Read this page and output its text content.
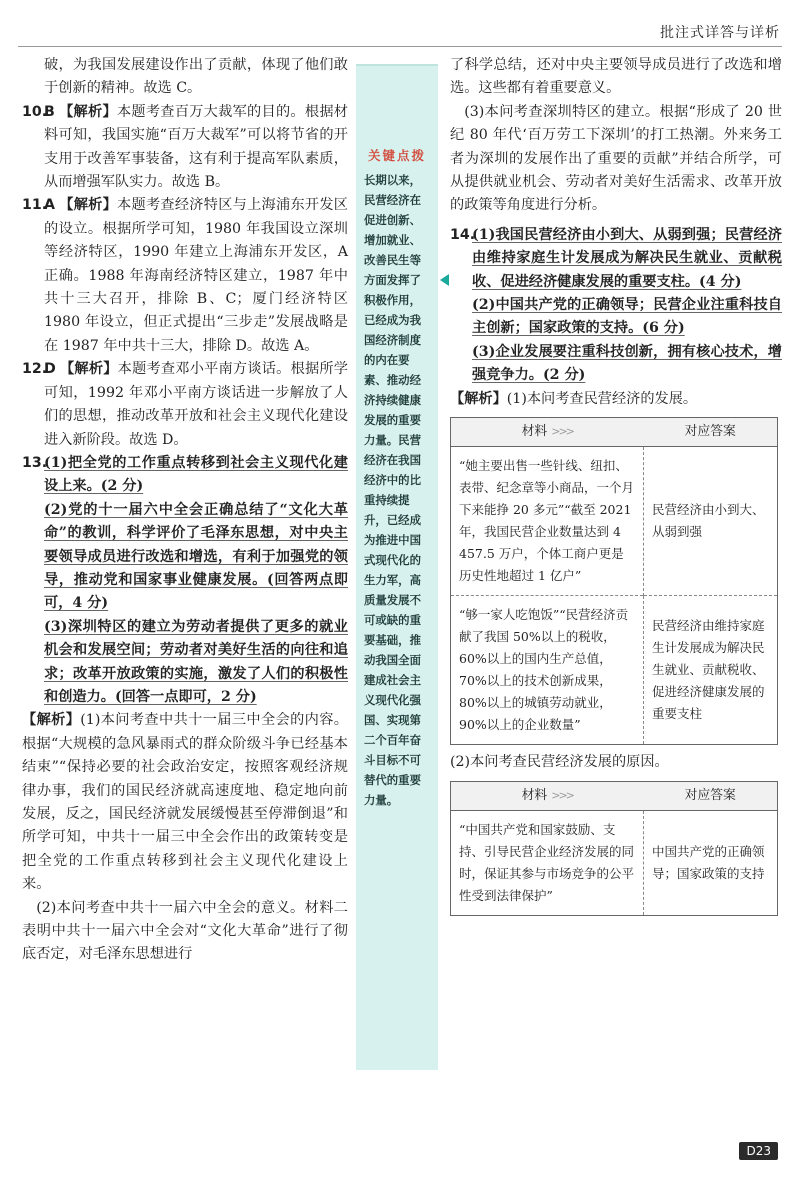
批注式详答与详析

破，为我国发展建设作出了贡献，体现了他们敢于创新的精神。故选 C。

10.B 【解析】本题考查百万大裁军的目的。根据材料可知，我国实施“百万大裁军”可以将节省的开支用于改善军事装备，这有利于提高军队素质，从而增强军队实力。故选 B。

11.A 【解析】本题考查经济特区与上海浦东开发区的设立。根据所学可知，1980 年我国设立深圳等经济特区，1990 年建立上海浦东开发区，A 正确。1988 年海南经济特区建立，1987 年中共十三大召开，排除 B、C；厦门经济特区 1980 年设立，但正式提出“三步走”发展战略是在 1987 年中共十三大，排除 D。故选 A。

12.D 【解析】本题考查邓小平南方谈话。根据所学可知，1992 年邓小平南方谈话进一步解放了人们的思想，推动改革开放和社会主义现代化建设进入新阶段。故选 D。

13.(1)把全党的工作重点转移到社会主义现代化建设上来。(2 分)

(2)党的十一届六中全会正确总结了“文化大革命”的教训，科学评价了毛泽东思想，对中央主要领导成员进行改选和增选，有利于加强党的领导，推动党和国家事业健康发展。(回答两点即可，4 分)

(3)深圳特区的建立为劳动者提供了更多的就业机会和发展空间；劳动者对美好生活的向往和追求；改革开放政策的实施，激发了人们的积极性和创造力。(回答一点即可，2 分)

【解析】(1)本问考查中共十一届三中全会的内容。根据“大规模的急风暴雨式的群众阶级斗争已经基本结束”“保持必要的社会政治安定，按照客观经济规律办事，我们的国民经济就高速度地、稳定地向前发展，反之，国民经济就发展缓慢甚至停滞倒退”和所学可知，中共十一届三中全会作出的政策转变是把全党的工作重点转移到社会主义现代化建设上来。

(2)本问考查中共十一届六中全会的意义。材料二表明中共十一届六中全会对“文化大革命”进行了彻底否定，对毛泽东思想进行

关键点拨
长期以来，民营经济在促进创新、增加就业、改善民生等方面发挥了积极作用，已经成为我国经济制度的内在要素、推动经济持续健康发展的重要力量。民营经济在我国经济中的比重持续提升，已经成为推进中国式现代化的生力军，高质量发展不可或缺的重要基础，推动我国全面建成社会主义现代化强国、实现第二个百年奋斗目标不可替代的重要力量。

了科学总结，还对中央主要领导成员进行了改选和增选。这些都有着重要意义。

(3)本问考查深圳特区的建立。根据“形成了 20 世纪 80 年代‘百万劳工下深圳’的打工热潮。外来务工者为深圳的发展作出了重要的贡献”并结合所学，可从提供就业机会、劳动者对美好生活需求、改革开放的政策等角度进行分析。

14.(1)我国民营经济由小到大、从弱到强；民营经济由维持家庭生计发展成为解决民生就业、贡献税收、促进经济健康发展的重要支柱。(4 分)

(2)中国共产党的正确领导；民营企业注重科技自主创新；国家政策的支持。(6 分)

(3)企业发展要注重科技创新，拥有核心技术，增强竞争力。(2 分)

【解析】(1)本问考查民营经济的发展。

材料 >>>	对应答案
“她主要出售一些针线、纽扣、表带、纪念章等小商品，一个月下来能挣 20 多元”“截至 2021 年，我国民营企业数量达到 4 457.5 万户，个体工商户更是历史性地超过 1 亿户”	民营经济由小到大、从弱到强
“够一家人吃饱饭”“民营经济贡献了我国 50%以上的税收，60%以上的国内生产总值，70%以上的技术创新成果，80%以上的城镇劳动就业，90%以上的企业数量”	民营经济由维持家庭生计发展成为解决民生就业、贡献税收、促进经济健康发展的重要支柱

(2)本问考查民营经济发展的原因。

材料 >>>	对应答案
“中国共产党和国家鼓励、支持、引导民营企业经济发展的同时，保证其参与市场竞争的公平性受到法律保护”	中国共产党的正确领导；国家政策的支持
D23
